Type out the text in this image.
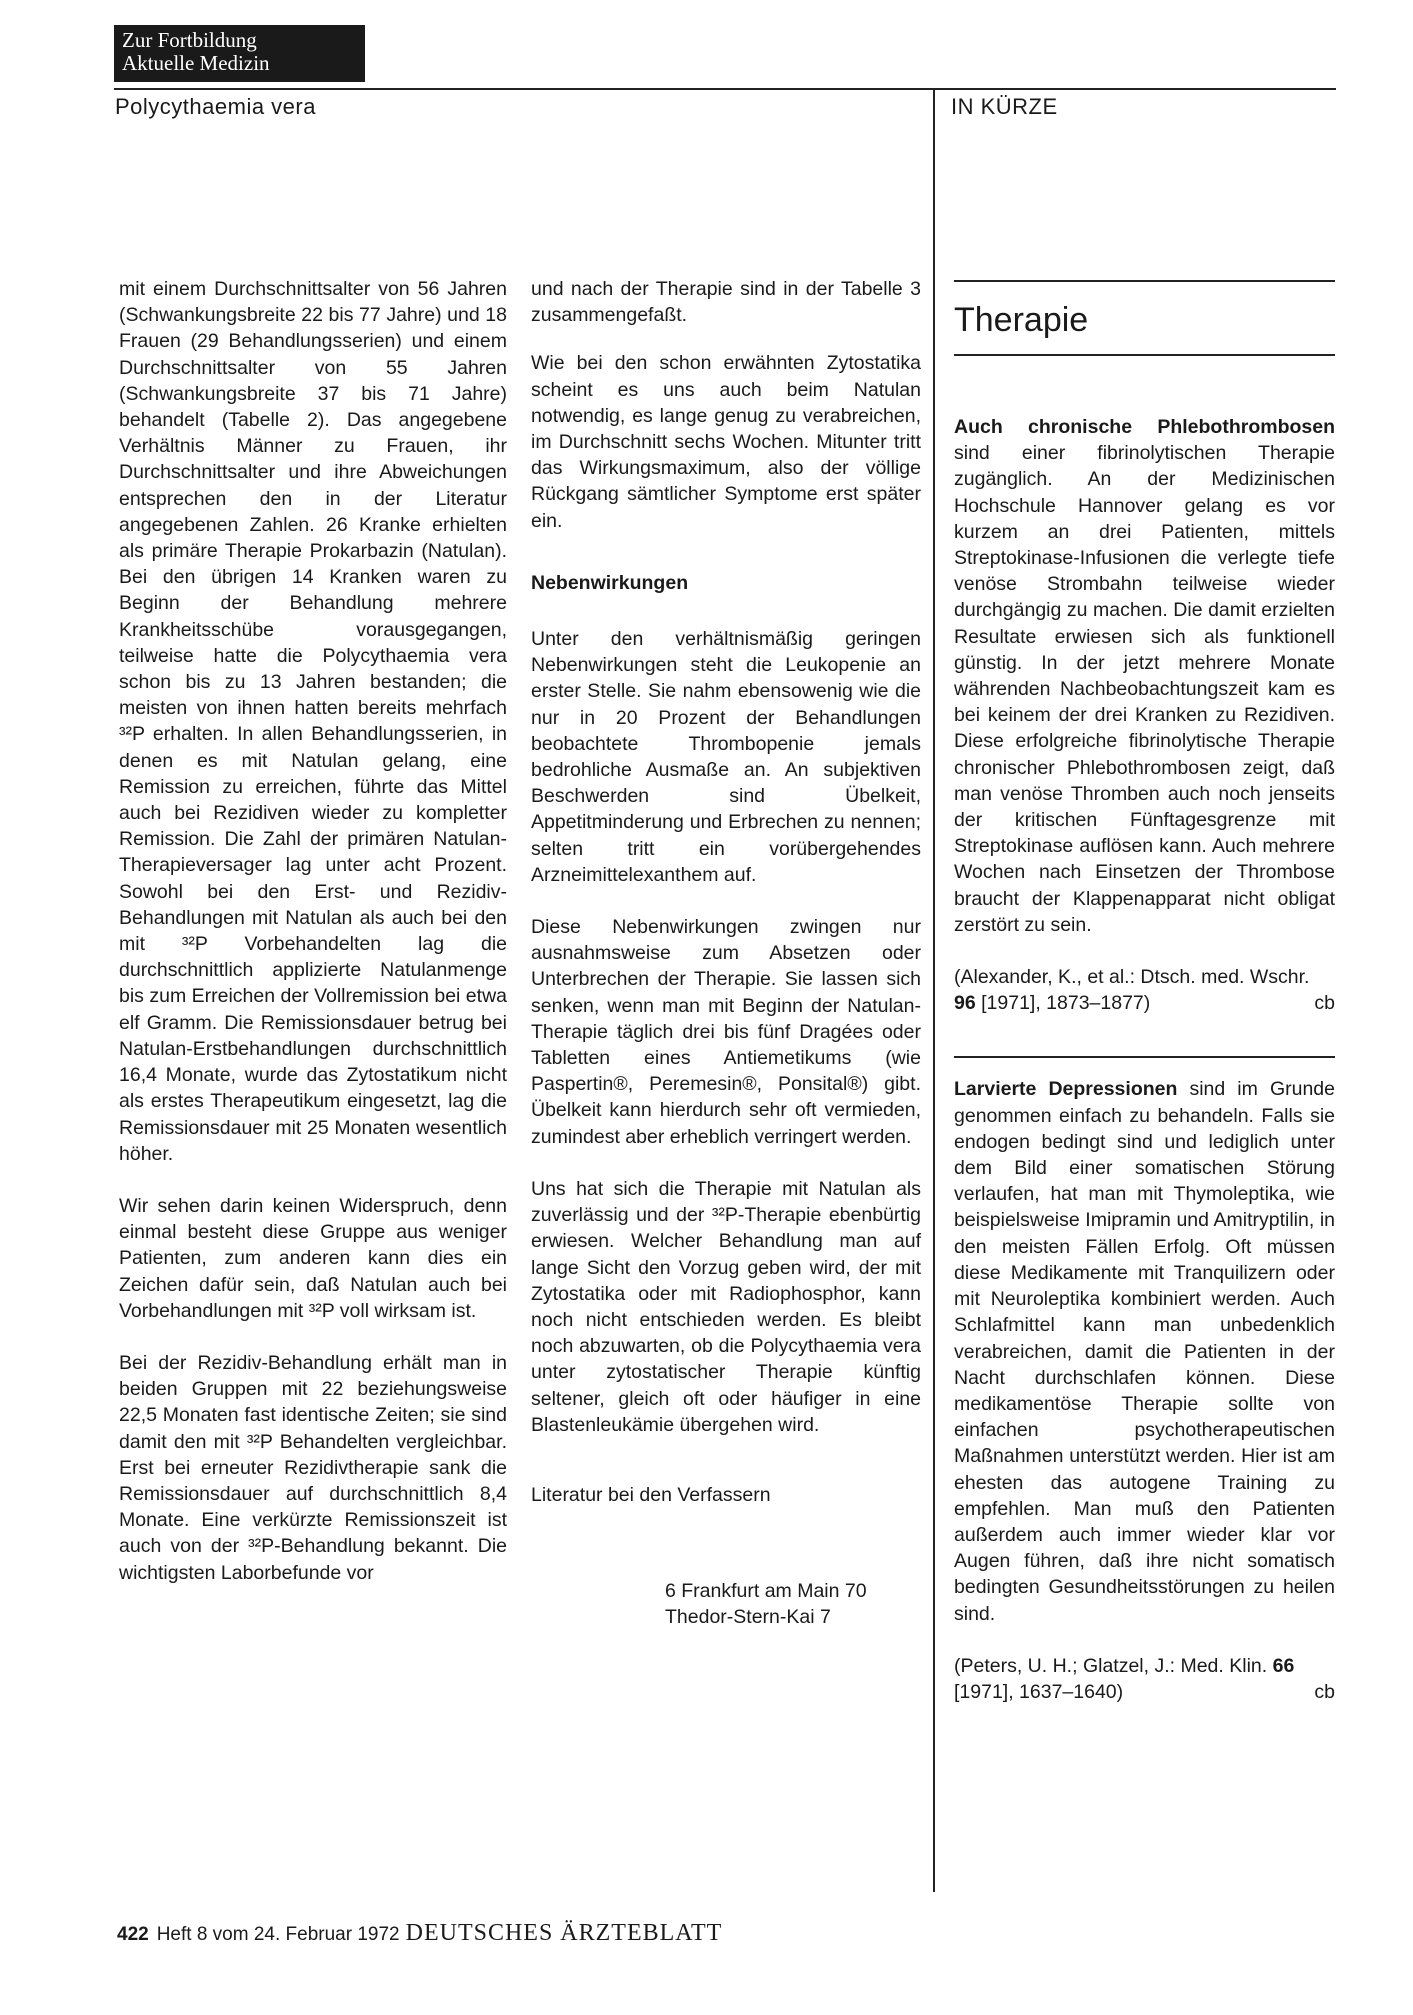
Zur Fortbildung
Aktuelle Medizin
Polycythaemia vera	IN KÜRZE

mit einem Durchschnittsalter von 56 Jahren (Schwankungsbreite 22 bis 77 Jahre) und 18 Frauen (29 Behandlungsserien) und einem Durchschnittsalter von 55 Jahren (Schwankungsbreite 37 bis 71 Jahre) behandelt (Tabelle 2). Das angegebene Verhältnis Männer zu Frauen, ihr Durchschnittsalter und ihre Abweichungen entsprechen den in der Literatur angegebenen Zahlen. 26 Kranke erhielten als primäre Therapie Prokarbazin (Natulan). Bei den übrigen 14 Kranken waren zu Beginn der Behandlung mehrere Krankheitsschübe vorausgegangen, teilweise hatte die Polycythaemia vera schon bis zu 13 Jahren bestanden; die meisten von ihnen hatten bereits mehrfach ³²P erhalten. In allen Behandlungsserien, in denen es mit Natulan gelang, eine Remission zu erreichen, führte das Mittel auch bei Rezidiven wieder zu kompletter Remission. Die Zahl der primären Natulan-Therapieversager lag unter acht Prozent. Sowohl bei den Erst- und Rezidiv-Behandlungen mit Natulan als auch bei den mit ³²P Vorbehandelten lag die durchschnittlich applizierte Natulanmenge bis zum Erreichen der Vollremission bei etwa elf Gramm. Die Remissionsdauer betrug bei Natulan-Erstbehandlungen durchschnittlich 16,4 Monate, wurde das Zytostatikum nicht als erstes Therapeutikum eingesetzt, lag die Remissionsdauer mit 25 Monaten wesentlich höher.

Wir sehen darin keinen Widerspruch, denn einmal besteht diese Gruppe aus weniger Patienten, zum anderen kann dies ein Zeichen dafür sein, daß Natulan auch bei Vorbehandlungen mit ³²P voll wirksam ist.

Bei der Rezidiv-Behandlung erhält man in beiden Gruppen mit 22 beziehungsweise 22,5 Monaten fast identische Zeiten; sie sind damit den mit ³²P Behandelten vergleichbar. Erst bei erneuter Rezidivtherapie sank die Remissionsdauer auf durchschnittlich 8,4 Monate. Eine verkürzte Remissionszeit ist auch von der ³²P-Behandlung bekannt. Die wichtigsten Laborbefunde vor

und nach der Therapie sind in der Tabelle 3 zusammengefaßt.

Wie bei den schon erwähnten Zytostatika scheint es uns auch beim Natulan notwendig, es lange genug zu verabreichen, im Durchschnitt sechs Wochen. Mitunter tritt das Wirkungsmaximum, also der völlige Rückgang sämtlicher Symptome erst später ein.

Nebenwirkungen

Unter den verhältnismäßig geringen Nebenwirkungen steht die Leukopenie an erster Stelle. Sie nahm ebensowenig wie die nur in 20 Prozent der Behandlungen beobachtete Thrombopenie jemals bedrohliche Ausmaße an. An subjektiven Beschwerden sind Übelkeit, Appetitminderung und Erbrechen zu nennen; selten tritt ein vorübergehendes Arzneimittelexanthem auf.

Diese Nebenwirkungen zwingen nur ausnahmsweise zum Absetzen oder Unterbrechen der Therapie. Sie lassen sich senken, wenn man mit Beginn der Natulan-Therapie täglich drei bis fünf Dragées oder Tabletten eines Antiemetikums (wie Paspertin®, Peremesin®, Ponsital®) gibt. Übelkeit kann hierdurch sehr oft vermieden, zumindest aber erheblich verringert werden.

Uns hat sich die Therapie mit Natulan als zuverlässig und der ³²P-Therapie ebenbürtig erwiesen. Welcher Behandlung man auf lange Sicht den Vorzug geben wird, der mit Zytostatika oder mit Radiophosphor, kann noch nicht entschieden werden. Es bleibt noch abzuwarten, ob die Polycythaemia vera unter zytostatischer Therapie künftig seltener, gleich oft oder häufiger in eine Blastenleukämie übergehen wird.

Literatur bei den Verfassern
6 Frankfurt am Main 70
Thedor-Stern-Kai 7
Therapie

Auch chronische Phlebothrombosen sind einer fibrinolytischen Therapie zugänglich. An der Medizinischen Hochschule Hannover gelang es vor kurzem an drei Patienten, mittels Streptokinase-Infusionen die verlegte tiefe venöse Strombahn teilweise wieder durchgängig zu machen. Die damit erzielten Resultate erwiesen sich als funktionell günstig. In der jetzt mehrere Monate währenden Nachbeobachtungszeit kam es bei keinem der drei Kranken zu Rezidiven. Diese erfolgreiche fibrinolytische Therapie chronischer Phlebothrombosen zeigt, daß man venöse Thromben auch noch jenseits der kritischen Fünftagesgrenze mit Streptokinase auflösen kann. Auch mehrere Wochen nach Einsetzen der Thrombose braucht der Klappenapparat nicht obligat zerstört zu sein.

(Alexander, K., et al.: Dtsch. med. Wschr. 96 [1971], 1873–1877)	cb

Larvierte Depressionen sind im Grunde genommen einfach zu behandeln. Falls sie endogen bedingt sind und lediglich unter dem Bild einer somatischen Störung verlaufen, hat man mit Thymoleptika, wie beispielsweise Imipramin und Amitryptilin, in den meisten Fällen Erfolg. Oft müssen diese Medikamente mit Tranquilizern oder mit Neuroleptika kombiniert werden. Auch Schlafmittel kann man unbedenklich verabreichen, damit die Patienten in der Nacht durchschlafen können. Diese medikamentöse Therapie sollte von einfachen psychotherapeutischen Maßnahmen unterstützt werden. Hier ist am ehesten das autogene Training zu empfehlen. Man muß den Patienten außerdem auch immer wieder klar vor Augen führen, daß ihre nicht somatisch bedingten Gesundheitsstörungen zu heilen sind.

(Peters, U. H.; Glatzel, J.: Med. Klin. 66 [1971], 1637–1640)	cb

422 Heft 8 vom 24. Februar 1972 DEUTSCHES ÄRZTEBLATT
